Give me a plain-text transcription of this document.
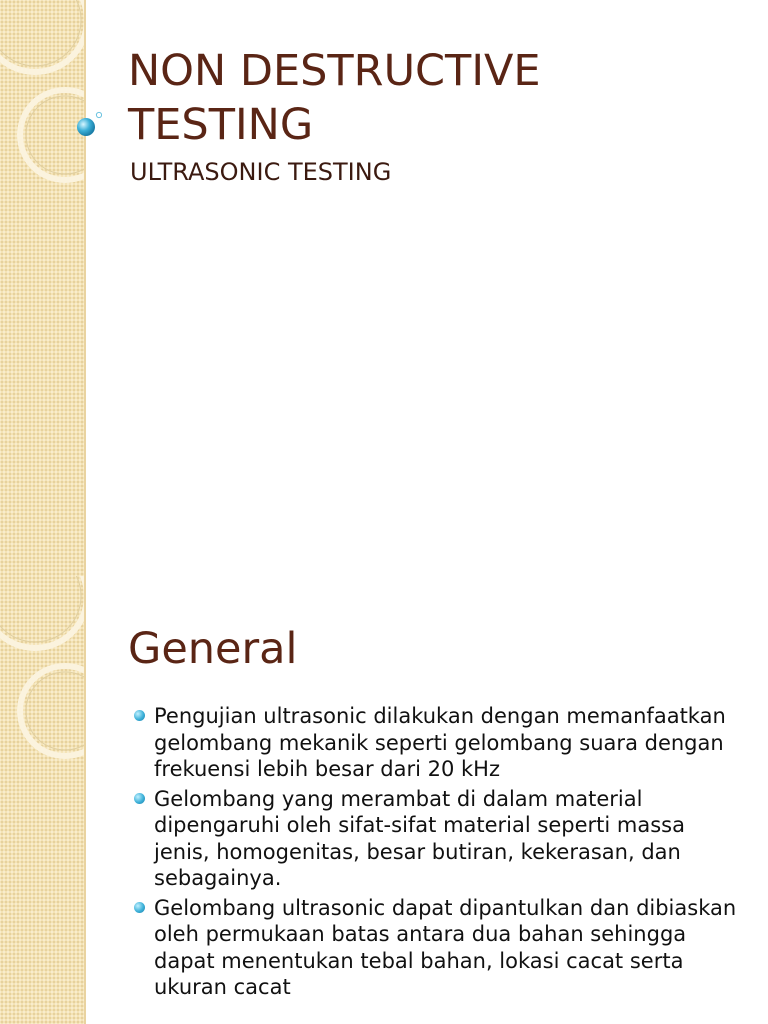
NON DESTRUCTIVE TESTING
ULTRASONIC TESTING
General
Pengujian ultrasonic dilakukan dengan memanfaatkan gelombang mekanik seperti gelombang suara dengan frekuensi lebih besar dari 20 kHz
Gelombang yang merambat di dalam material dipengaruhi oleh sifat-sifat material seperti massa jenis, homogenitas, besar butiran, kekerasan, dan sebagainya.
Gelombang ultrasonic dapat dipantulkan dan dibiaskan oleh permukaan batas antara dua bahan sehingga dapat menentukan tebal bahan, lokasi cacat serta ukuran cacat
